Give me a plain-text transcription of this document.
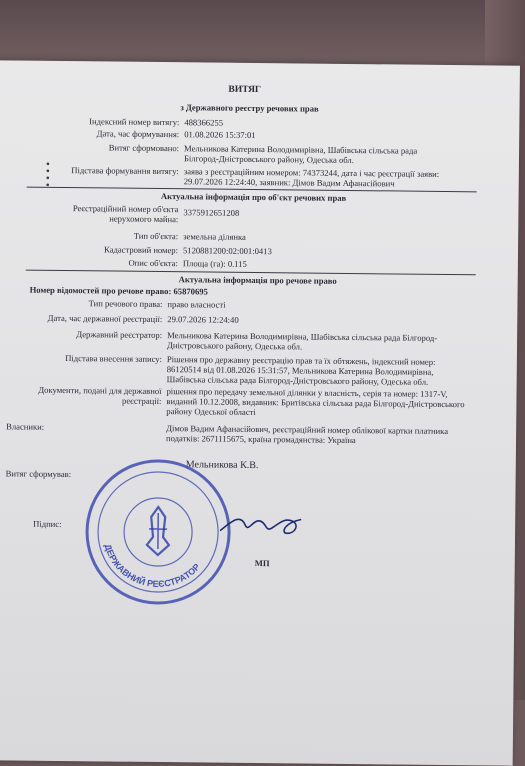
ВИТЯГ
з Державного реєстру речових прав
Індексний номер витягу: 488366255
Дата, час формування: 01.08.2026 15:37:01
Витяг сформовано: Мельникова Катерина Володимирівна, Шабівська сільська рада Білгород-Дністровського району, Одеська обл.
Підстава формування витягу: заява з реєстраційним номером: 74373244, дата і час реєстрації заяви: 29.07.2026 12:24:40, заявник: Дімов Вадим Афанасійович
Актуальна інформація про об'єкт речових прав
Реєстраційний номер об'єкта нерухомого майна:
3375912651208
Тип об'єкта: земельна ділянка
Кадастровий номер: 5120881200:02:001:0413
Опис об'єкта: Площа (га): 0.115
Актуальна інформація про речове право
Номер відомостей про речове право: 65870695
Тип речового права: право власності
Дата, час державної реєстрації: 29.07.2026 12:24:40
Державний реєстратор: Мельникова Катерина Володимирівна, Шабівська сільська рада Білгород-Дністровського району, Одеська обл.
Підстава внесення запису: Рішення про державну реєстрацію прав та їх обтяжень, індексний номер: 86120514 від 01.08.2026 15:31:57, Мельникова Катерина Володимирівна, Шабівська сільська рада Білгород-Дністровського району, Одеська обл.
Документи, подані для державної реєстрації:
рішення про передачу земельної ділянки у власність, серія та номер: 1317-V, виданий 10.12.2008, видавник: Бритівська сільська рада Білгород-Дністровського району Одеської області
Власники:	Дімов Вадим Афанасійович, реєстраційний номер облікової картки платника податків: 2671115675, країна громадянства: Україна
Витяг сформував:
Мельникова К.В.
Підпис:
МП
ДЕРЖАВНИЙ РЕЄСТРАТОР
